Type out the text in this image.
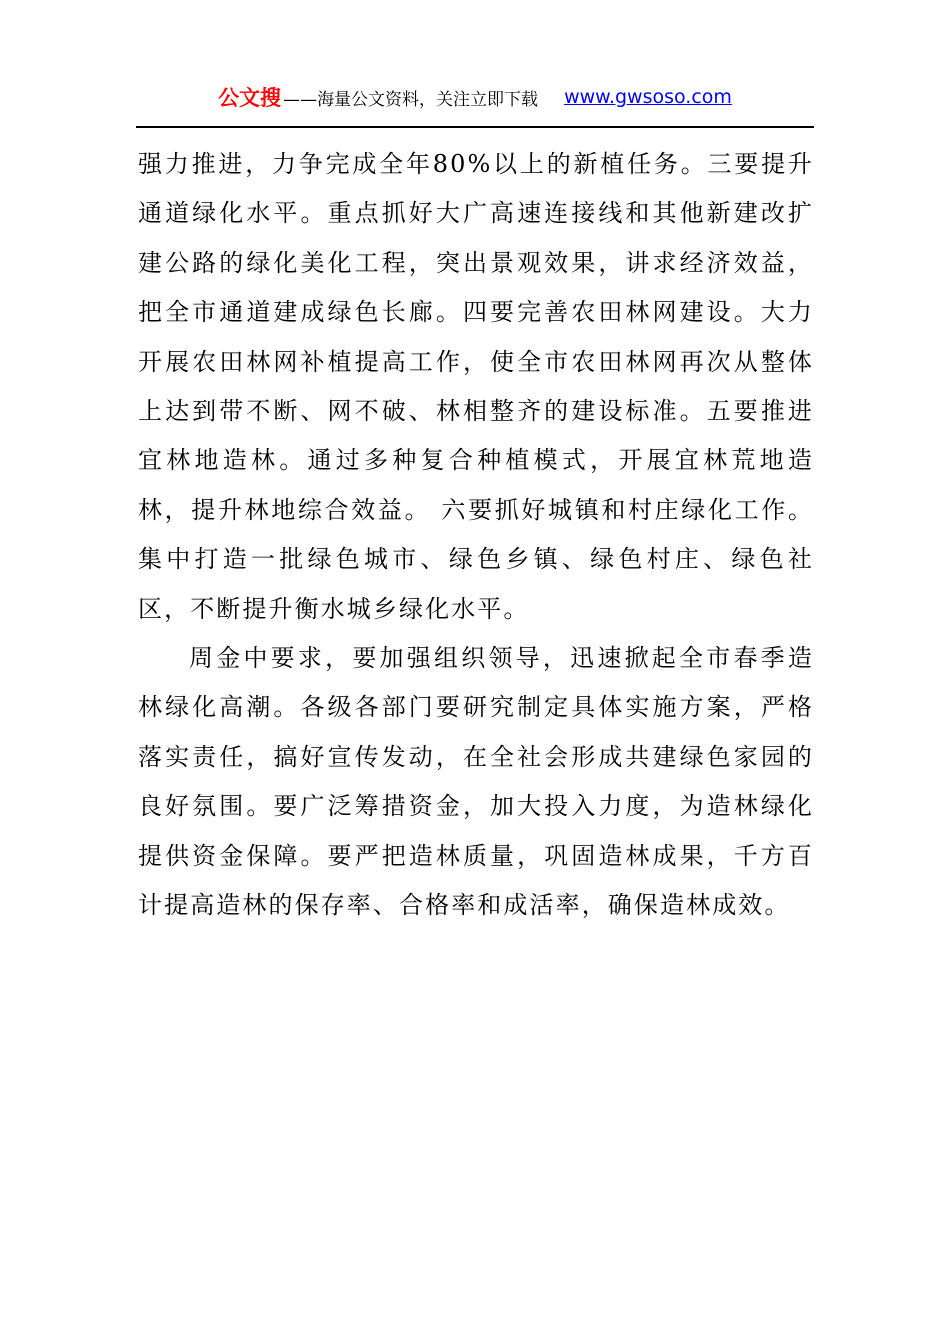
公文搜 ——海量公文资料，关注立即下载 www.gwsoso.com

强力推进，力争完成全年80%以上的新植任务。三要提升通道绿化水平。重点抓好大广高速连接线和其他新建改扩建公路的绿化美化工程，突出景观效果，讲求经济效益，把全市通道建成绿色长廊。四要完善农田林网建设。大力开展农田林网补植提高工作，使全市农田林网再次从整体上达到带不断、网不破、林相整齐的建设标准。五要推进宜林地造林。通过多种复合种植模式，开展宜林荒地造林，提升林地综合效益。 六要抓好城镇和村庄绿化工作。集中打造一批绿色城市、绿色乡镇、绿色村庄、绿色社区，不断提升衡水城乡绿化水平。

周金中要求，要加强组织领导，迅速掀起全市春季造林绿化高潮。各级各部门要研究制定具体实施方案，严格落实责任，搞好宣传发动，在全社会形成共建绿色家园的良好氛围。要广泛筹措资金，加大投入力度，为造林绿化提供资金保障。要严把造林质量，巩固造林成果，千方百计提高造林的保存率、合格率和成活率，确保造林成效。
